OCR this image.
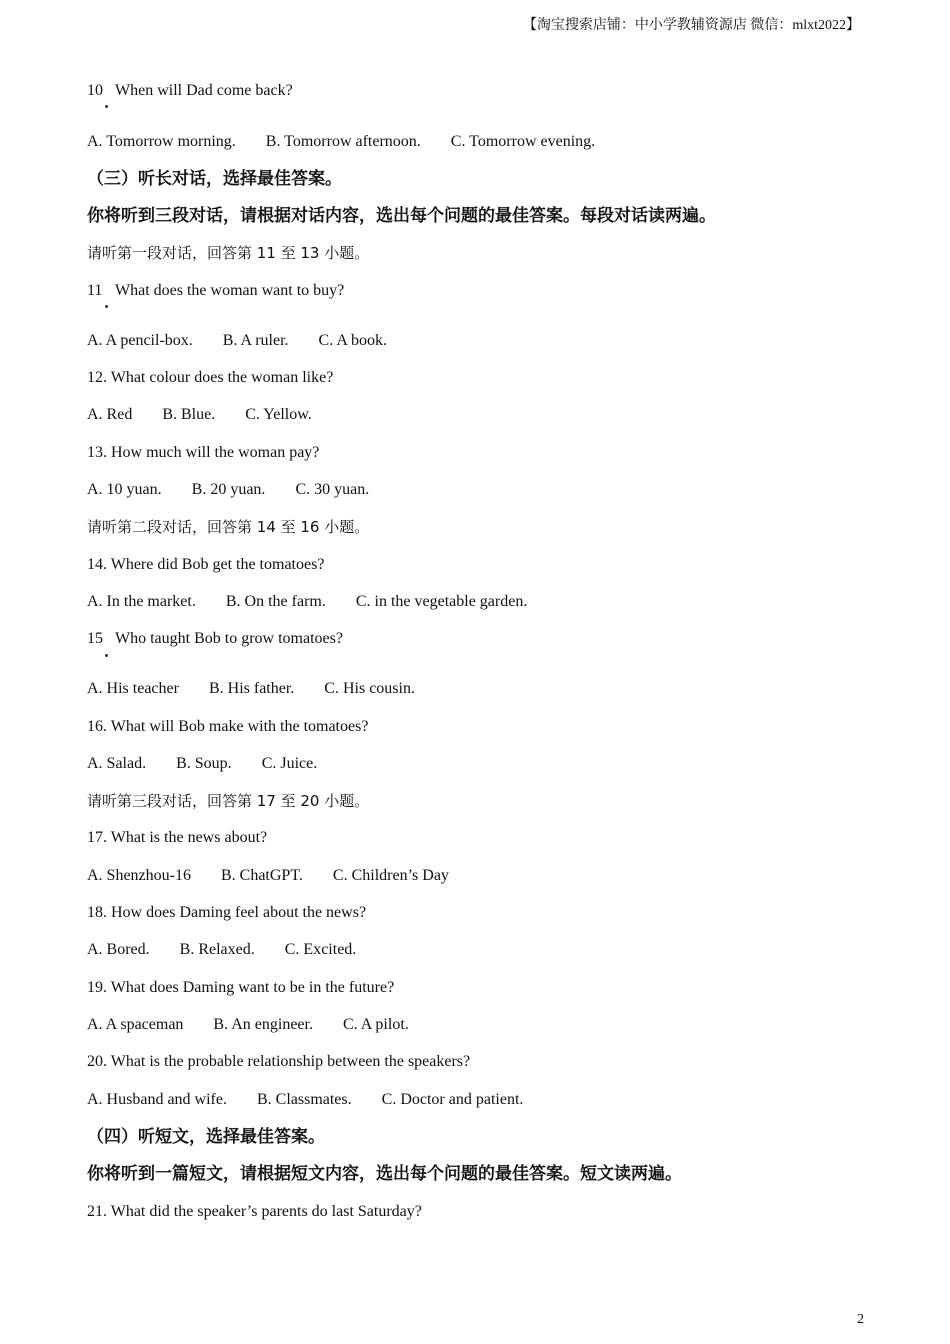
【淘宝搜索店铺：中小学教辅资源店 微信：mlxt2022】
10 When will Dad come back?
A. Tomorrow morning. B. Tomorrow afternoon. C. Tomorrow evening.
（三）听长对话，选择最佳答案。
你将听到三段对话，请根据对话内容，选出每个问题的最佳答案。每段对话读两遍。
请听第一段对话，回答第 11 至 13 小题。
11 What does the woman want to buy?
A. A pencil-box. B. A ruler. C. A book.
12. What colour does the woman like?
A. Red B. Blue. C. Yellow.
13. How much will the woman pay?
A. 10 yuan. B. 20 yuan. C. 30 yuan.
请听第二段对话，回答第 14 至 16 小题。
14. Where did Bob get the tomatoes?
A. In the market. B. On the farm. C. in the vegetable garden.
15 Who taught Bob to grow tomatoes?
A. His teacher B. His father. C. His cousin.
16. What will Bob make with the tomatoes?
A. Salad. B. Soup. C. Juice.
请听第三段对话，回答第 17 至 20 小题。
17. What is the news about?
A. Shenzhou-16 B. ChatGPT. C. Children’s Day
18. How does Daming feel about the news?
A. Bored. B. Relaxed. C. Excited.
19. What does Daming want to be in the future?
A. A spaceman B. An engineer. C. A pilot.
20. What is the probable relationship between the speakers?
A. Husband and wife. B. Classmates. C. Doctor and patient.
（四）听短文，选择最佳答案。
你将听到一篇短文，请根据短文内容，选出每个问题的最佳答案。短文读两遍。
21. What did the speaker’s parents do last Saturday?
2
